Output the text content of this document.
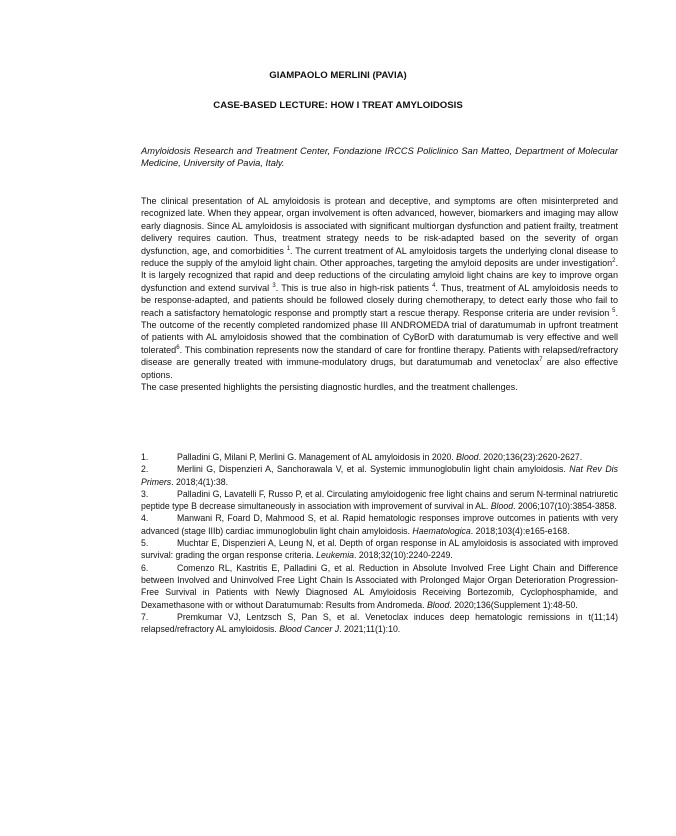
GIAMPAOLO MERLINI (PAVIA)
CASE-BASED LECTURE: HOW I TREAT AMYLOIDOSIS
Amyloidosis Research and Treatment Center, Fondazione IRCCS Policlinico San Matteo, Department of Molecular Medicine, University of Pavia, Italy.

The clinical presentation of AL amyloidosis is protean and deceptive, and symptoms are often misinterpreted and recognized late. When they appear, organ involvement is often advanced, however, biomarkers and imaging may allow early diagnosis. Since AL amyloidosis is associated with significant multiorgan dysfunction and patient frailty, treatment delivery requires caution. Thus, treatment strategy needs to be risk-adapted based on the severity of organ dysfunction, age, and comorbidities $^1$. The current treatment of AL amyloidosis targets the underlying clonal disease to reduce the supply of the amyloid light chain. Other approaches, targeting the amyloid deposits are under investigation$^2$. It is largely recognized that rapid and deep reductions of the circulating amyloid light chains are key to improve organ dysfunction and extend survival $^3$. This is true also in high-risk patients $^4$. Thus, treatment of AL amyloidosis needs to be response-adapted, and patients should be followed closely during chemotherapy, to detect early those who fail to reach a satisfactory hematologic response and promptly start a rescue therapy. Response criteria are under revision $^5$. The outcome of the recently completed randomized phase III ANDROMEDA trial of daratumumab in upfront treatment of patients with AL amyloidosis showed that the combination of CyBorD with daratumumab is very effective and well tolerated$^6$. This combination represents now the standard of care for frontline therapy. Patients with relapsed/refractory disease are generally treated with immune-modulatory drugs, but daratumumab and venetoclax$^7$ are also effective options.

The case presented highlights the persisting diagnostic hurdles, and the treatment challenges.

1.	Palladini G, Milani P, Merlini G. Management of AL amyloidosis in 2020. Blood. 2020;136(23):2620-2627.

2.	Merlini G, Dispenzieri A, Sanchorawala V, et al. Systemic immunoglobulin light chain amyloidosis. Nat Rev Dis Primers. 2018;4(1):38.

3.	Palladini G, Lavatelli F, Russo P, et al. Circulating amyloidogenic free light chains and serum N-terminal natriuretic peptide type B decrease simultaneously in association with improvement of survival in AL. Blood. 2006;107(10):3854-3858.

4.	Manwani R, Foard D, Mahmood S, et al. Rapid hematologic responses improve outcomes in patients with very advanced (stage IIIb) cardiac immunoglobulin light chain amyloidosis. Haematologica. 2018;103(4):e165-e168.

5.	Muchtar E, Dispenzieri A, Leung N, et al. Depth of organ response in AL amyloidosis is associated with improved survival: grading the organ response criteria. Leukemia. 2018;32(10):2240-2249.

6.	Comenzo RL, Kastritis E, Palladini G, et al. Reduction in Absolute Involved Free Light Chain and Difference between Involved and Uninvolved Free Light Chain Is Associated with Prolonged Major Organ Deterioration Progression-Free Survival in Patients with Newly Diagnosed AL Amyloidosis Receiving Bortezomib, Cyclophosphamide, and Dexamethasone with or without Daratumumab: Results from Andromeda. Blood. 2020;136(Supplement 1):48-50.

7.	Premkumar VJ, Lentzsch S, Pan S, et al. Venetoclax induces deep hematologic remissions in t(11;14) relapsed/refractory AL amyloidosis. Blood Cancer J. 2021;11(1):10.
